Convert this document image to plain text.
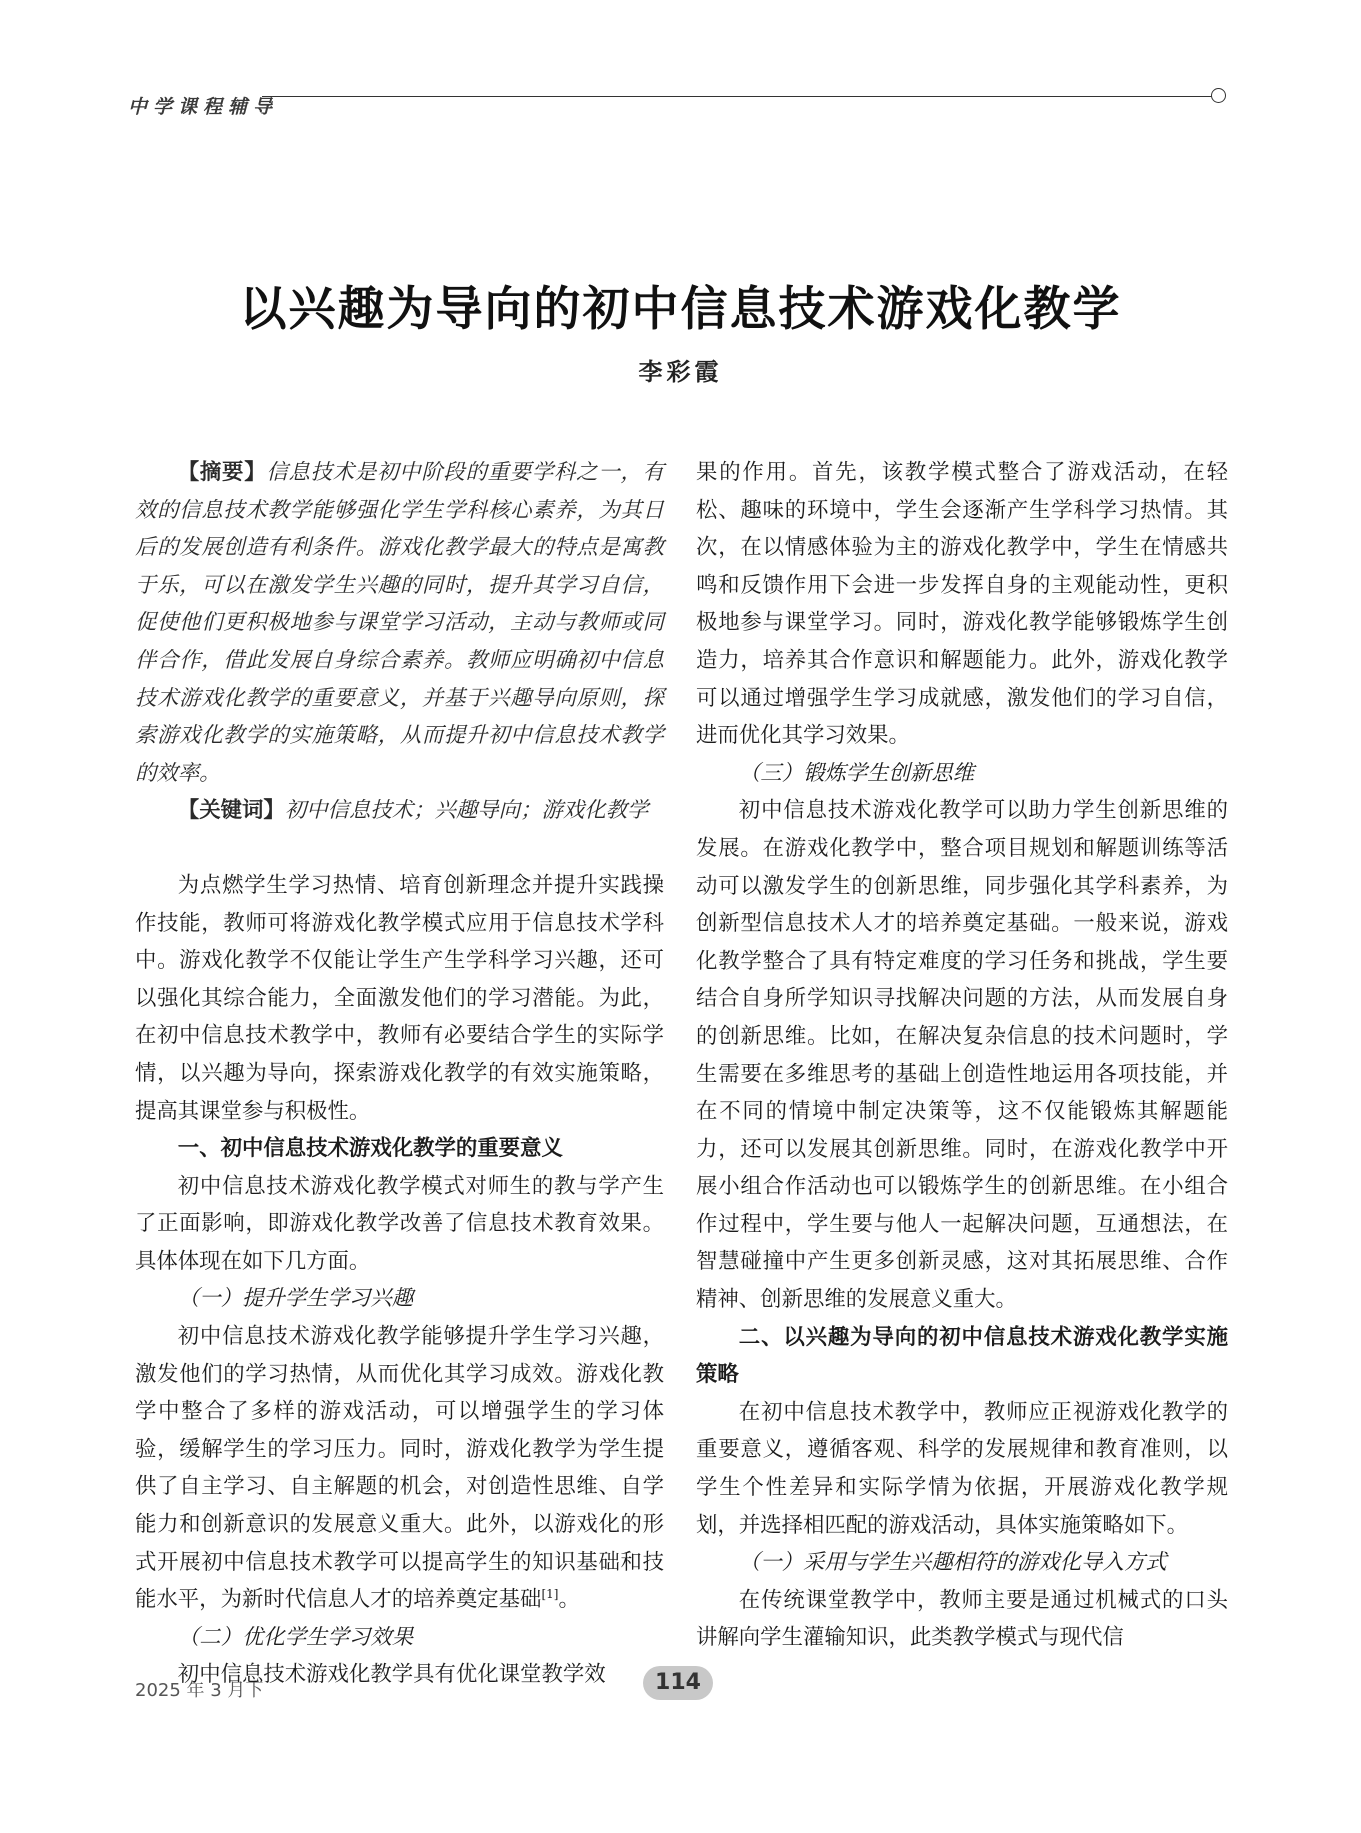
中学课程辅导
以兴趣为导向的初中信息技术游戏化教学
李彩霞

【摘要】信息技术是初中阶段的重要学科之一，有效的信息技术教学能够强化学生学科核心素养，为其日后的发展创造有利条件。游戏化教学最大的特点是寓教于乐，可以在激发学生兴趣的同时，提升其学习自信，促使他们更积极地参与课堂学习活动，主动与教师或同伴合作，借此发展自身综合素养。教师应明确初中信息技术游戏化教学的重要意义，并基于兴趣导向原则，探索游戏化教学的实施策略，从而提升初中信息技术教学的效率。

【关键词】初中信息技术；兴趣导向；游戏化教学

为点燃学生学习热情、培育创新理念并提升实践操作技能，教师可将游戏化教学模式应用于信息技术学科中。游戏化教学不仅能让学生产生学科学习兴趣，还可以强化其综合能力，全面激发他们的学习潜能。为此，在初中信息技术教学中，教师有必要结合学生的实际学情，以兴趣为导向，探索游戏化教学的有效实施策略，提高其课堂参与积极性。

一、初中信息技术游戏化教学的重要意义

初中信息技术游戏化教学模式对师生的教与学产生了正面影响，即游戏化教学改善了信息技术教育效果。具体体现在如下几方面。

（一）提升学生学习兴趣

初中信息技术游戏化教学能够提升学生学习兴趣，激发他们的学习热情，从而优化其学习成效。游戏化教学中整合了多样的游戏活动，可以增强学生的学习体验，缓解学生的学习压力。同时，游戏化教学为学生提供了自主学习、自主解题的机会，对创造性思维、自学能力和创新意识的发展意义重大。此外，以游戏化的形式开展初中信息技术教学可以提高学生的知识基础和技能水平，为新时代信息人才的培养奠定基础[1]。

（二）优化学生学习效果

初中信息技术游戏化教学具有优化课堂教学效

果的作用。首先，该教学模式整合了游戏活动，在轻松、趣味的环境中，学生会逐渐产生学科学习热情。其次，在以情感体验为主的游戏化教学中，学生在情感共鸣和反馈作用下会进一步发挥自身的主观能动性，更积极地参与课堂学习。同时，游戏化教学能够锻炼学生创造力，培养其合作意识和解题能力。此外，游戏化教学可以通过增强学生学习成就感，激发他们的学习自信，进而优化其学习效果。

（三）锻炼学生创新思维

初中信息技术游戏化教学可以助力学生创新思维的发展。在游戏化教学中，整合项目规划和解题训练等活动可以激发学生的创新思维，同步强化其学科素养，为创新型信息技术人才的培养奠定基础。一般来说，游戏化教学整合了具有特定难度的学习任务和挑战，学生要结合自身所学知识寻找解决问题的方法，从而发展自身的创新思维。比如，在解决复杂信息的技术问题时，学生需要在多维思考的基础上创造性地运用各项技能，并在不同的情境中制定决策等，这不仅能锻炼其解题能力，还可以发展其创新思维。同时，在游戏化教学中开展小组合作活动也可以锻炼学生的创新思维。在小组合作过程中，学生要与他人一起解决问题，互通想法，在智慧碰撞中产生更多创新灵感，这对其拓展思维、合作精神、创新思维的发展意义重大。

二、以兴趣为导向的初中信息技术游戏化教学实施策略

在初中信息技术教学中，教师应正视游戏化教学的重要意义，遵循客观、科学的发展规律和教育准则，以学生个性差异和实际学情为依据，开展游戏化教学规划，并选择相匹配的游戏活动，具体实施策略如下。

（一）采用与学生兴趣相符的游戏化导入方式

在传统课堂教学中，教师主要是通过机械式的口头讲解向学生灌输知识，此类教学模式与现代信

2025 年 3 月下	114
